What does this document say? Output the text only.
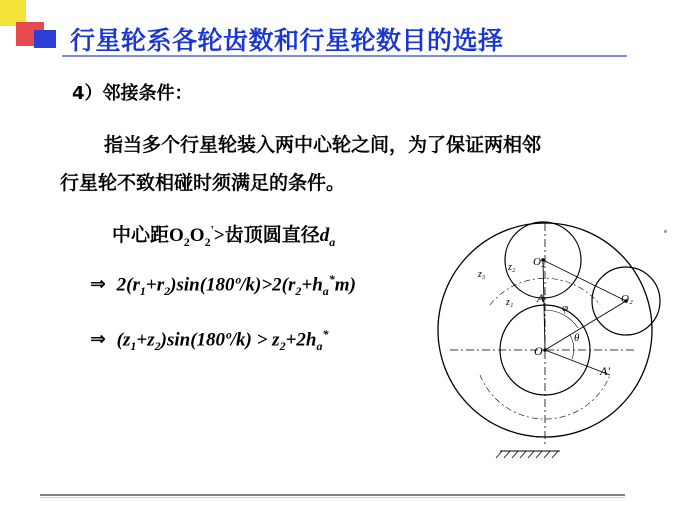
行星轮系各轮齿数和行星轮数目的选择
4）邻接条件：
指当多个行星轮装入两中心轮之间，为了保证两相邻
行星轮不致相碰时须满足的条件。
中心距$O_2O_2'>$齿顶圆直径$d_a$
⇒ $2(r_1+r_2)\sin(180º/k)>2(r_2+h_a^*m)$
⇒ $(z_1+z_2)\sin(180º/k) > z_2+2h_a^*$
z₃
z₂
z₁
O₂
O₂
A
φ
θ
O
A'
